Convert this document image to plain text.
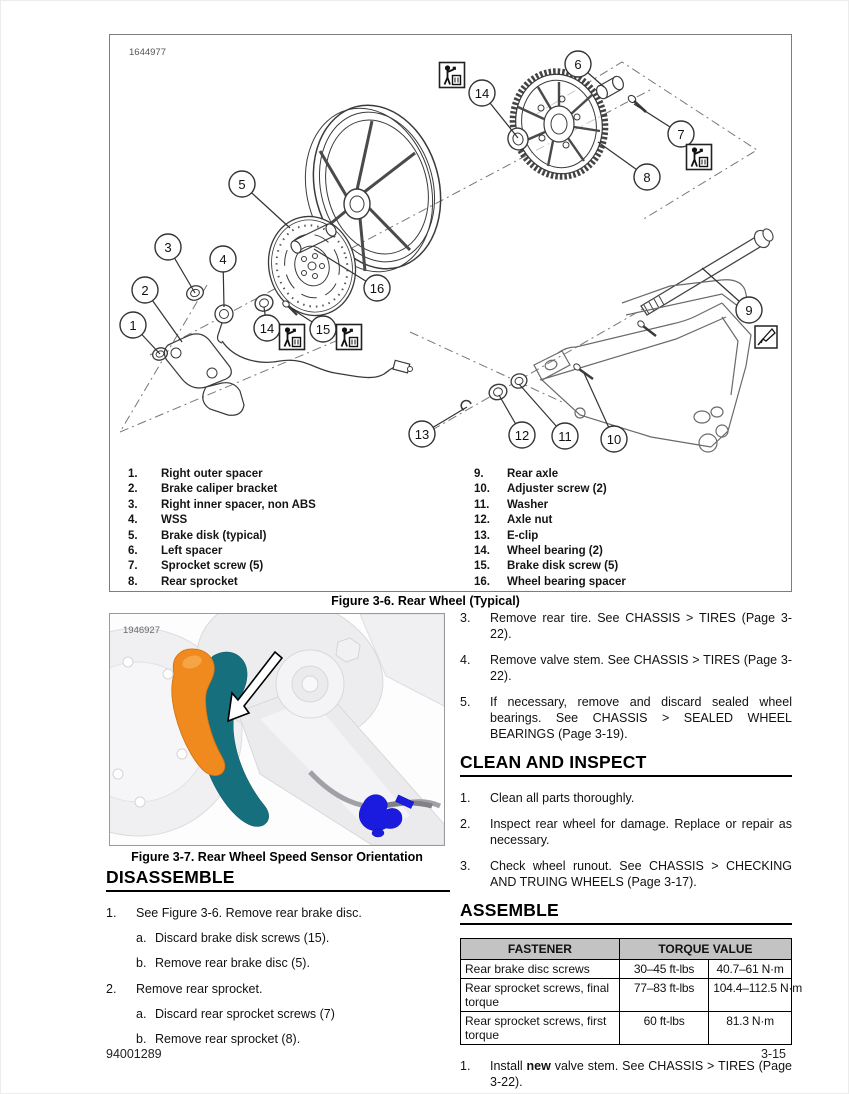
1644977
1
2
3
4
5
14	15
16
14
6
7
8
9
10
11
12
13
1.	Right outer spacer
2.	Brake caliper bracket
3.	Right inner spacer, non ABS
4.	WSS
5.	Brake disk (typical)
6.	Left spacer
7.	Sprocket screw (5)
8.	Rear sprocket
9.	Rear axle
10.	Adjuster screw (2)
11.	Washer
12.	Axle nut
13.	E-clip
14.	Wheel bearing (2)
15.	Brake disk screw (5)
16.	Wheel bearing spacer
Figure 3-6. Rear Wheel (Typical)
1946927
Figure 3-7. Rear Wheel Speed Sensor Orientation
DISASSEMBLE
1.	See Figure 3-6. Remove rear brake disc.
a. Discard brake disk screws (15).
b. Remove rear brake disc (5).
2.	Remove rear sprocket.
a. Discard rear sprocket screws (7)
b. Remove rear sprocket (8).
3.	Remove rear tire. See CHASSIS > TIRES (Page 3-22).
4.	Remove valve stem. See CHASSIS > TIRES (Page 3-22).
5.	If necessary, remove and discard sealed wheel bearings. See CHASSIS > SEALED WHEEL BEARINGS (Page 3-19).
CLEAN AND INSPECT
1.	Clean all parts thoroughly.
2.	Inspect rear wheel for damage. Replace or repair as necessary.
3.	Check wheel runout. See CHASSIS > CHECKING AND TRUING WHEELS (Page 3-17).
ASSEMBLE
FASTENER	TORQUE VALUE	
Rear brake disc screws	30–45 ft-lbs	40.7–61 N·m
Rear sprocket screws, final torque	77–83 ft-lbs	104.4–112.5 N·m
Rear sprocket screws, first torque	60 ft-lbs	81.3 N·m
1.	Install new valve stem. See CHASSIS > TIRES (Page 3-22).
94001289	3-15
